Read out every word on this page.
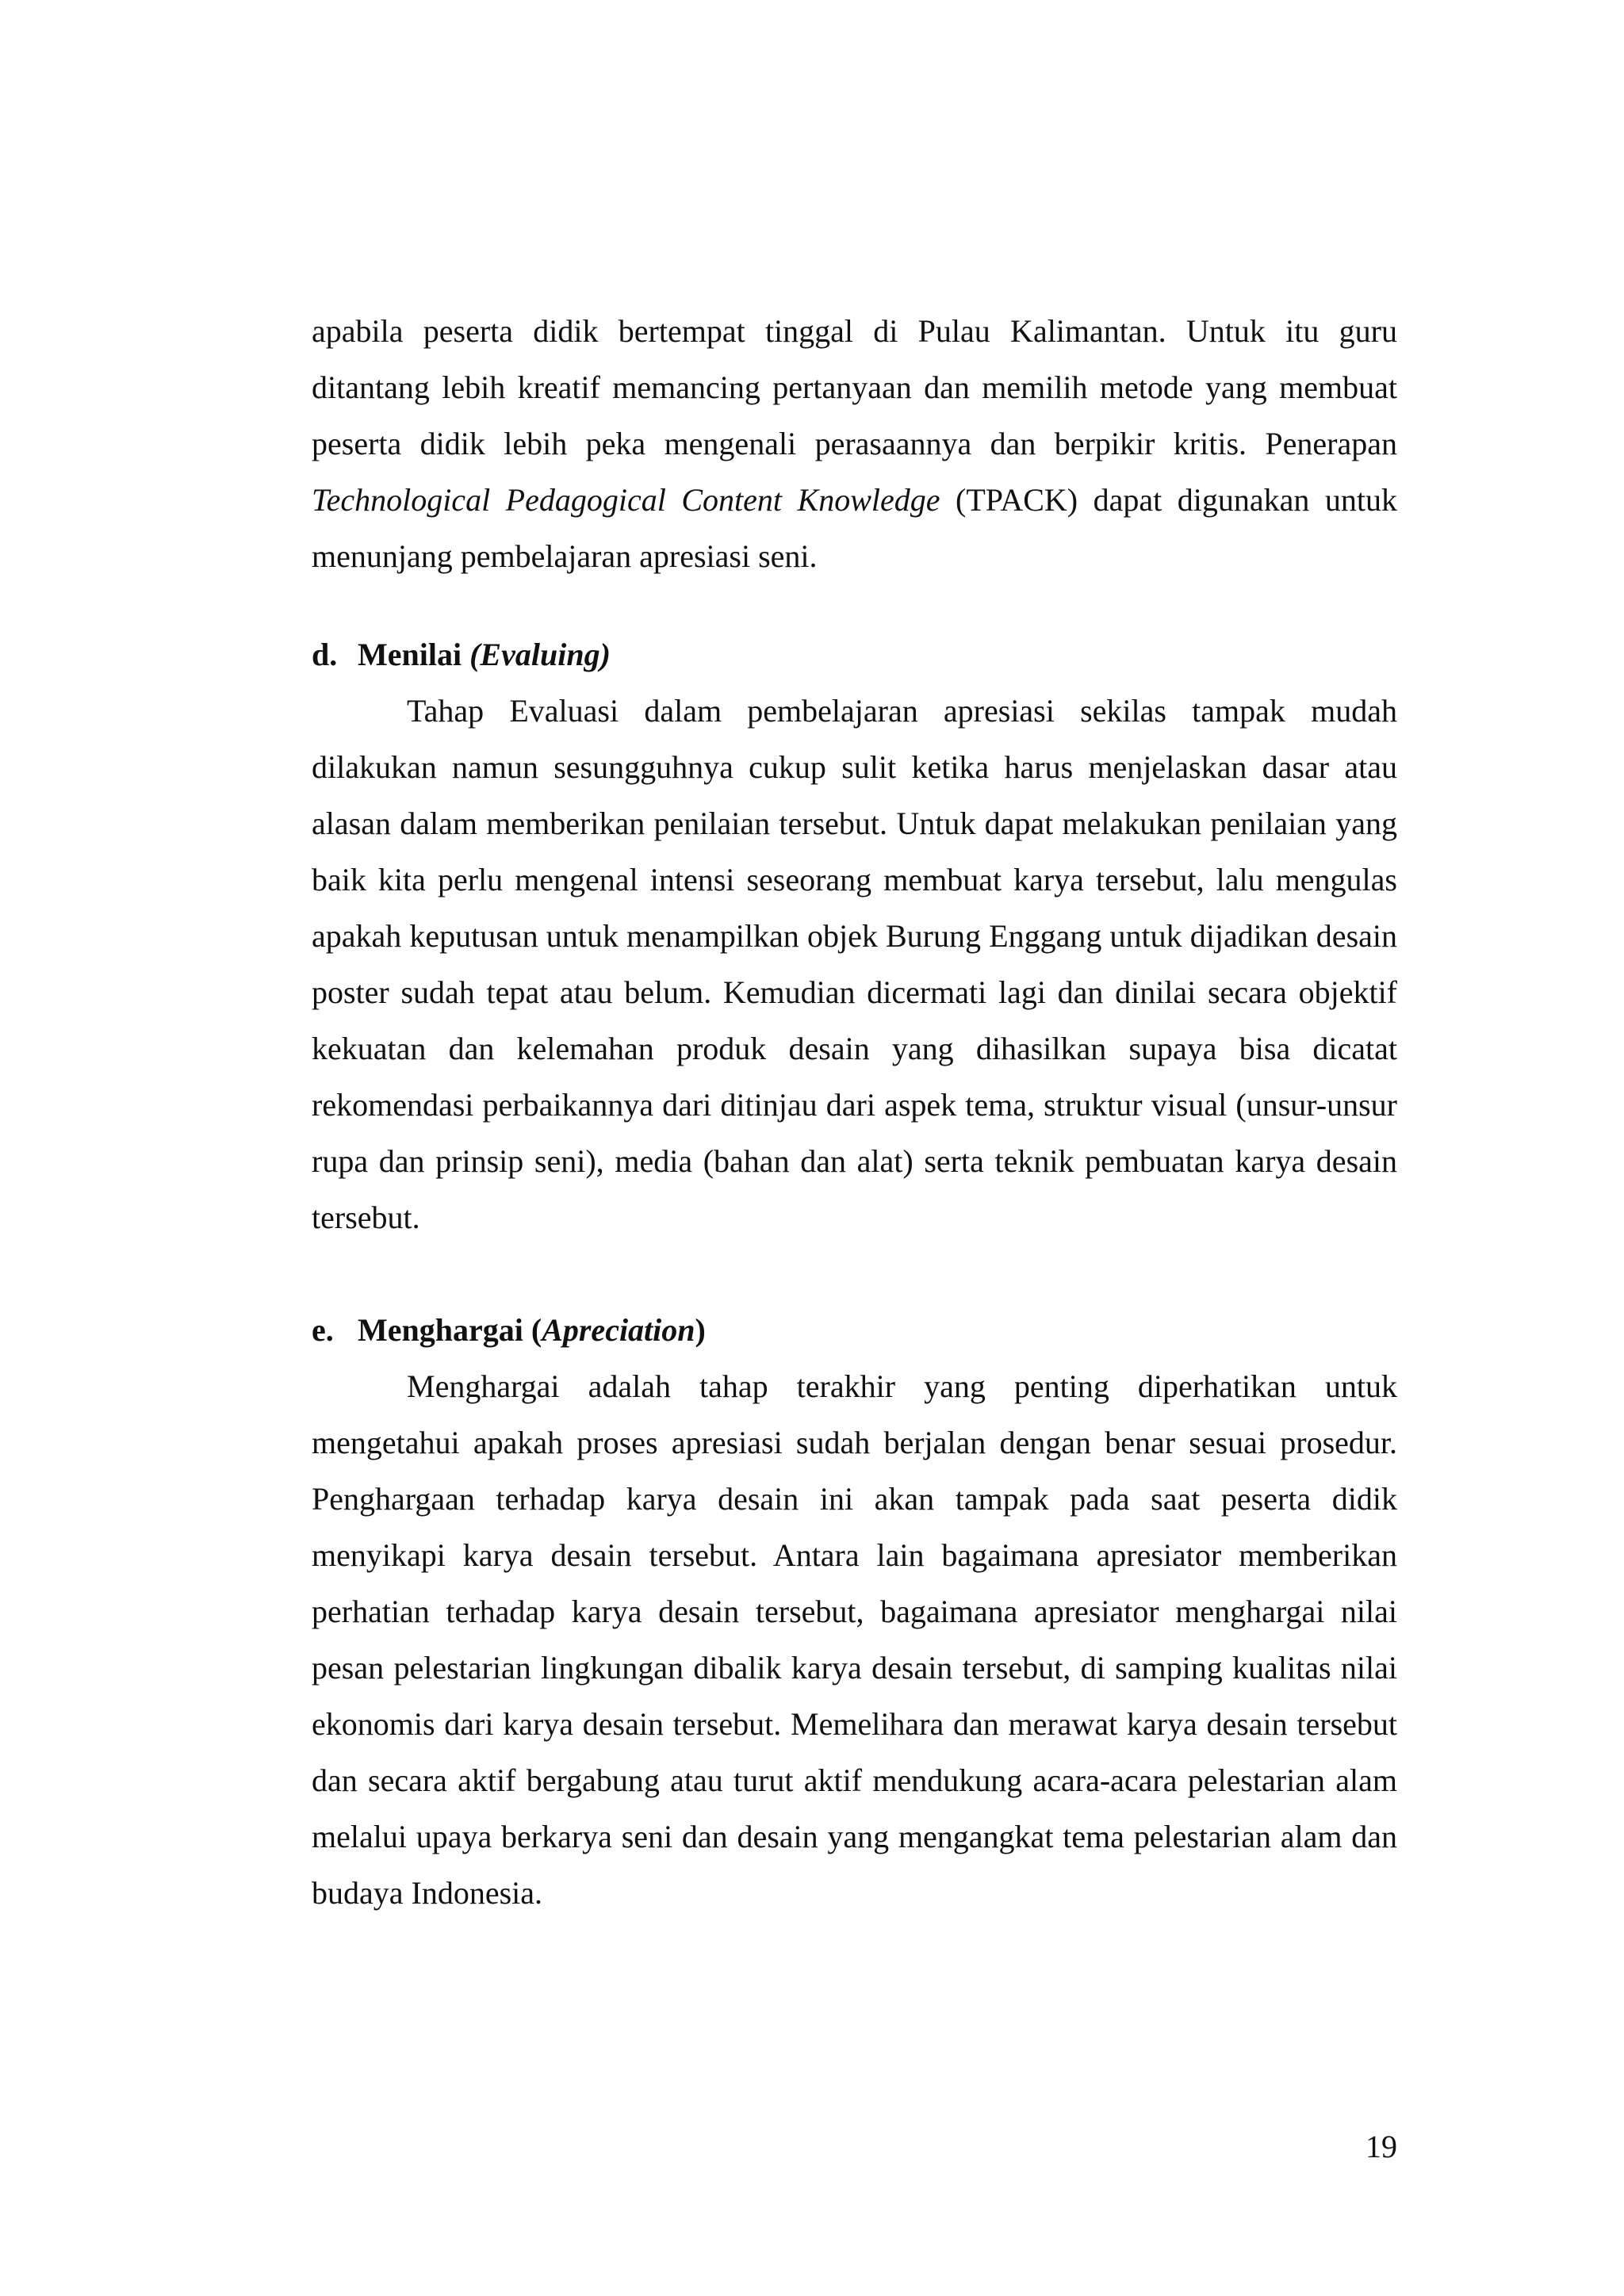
apabila peserta didik bertempat tinggal di Pulau Kalimantan. Untuk itu guru ditantang lebih kreatif memancing pertanyaan dan memilih metode yang membuat peserta didik lebih peka mengenali perasaannya dan berpikir kritis. Penerapan Technological Pedagogical Content Knowledge (TPACK) dapat digunakan untuk menunjang pembelajaran apresiasi seni.

d. Menilai (Evaluing)

Tahap Evaluasi dalam pembelajaran apresiasi sekilas tampak mudah dilakukan namun sesungguhnya cukup sulit ketika harus menjelaskan dasar atau alasan dalam memberikan penilaian tersebut. Untuk dapat melakukan penilaian yang baik kita perlu mengenal intensi seseorang membuat karya tersebut, lalu mengulas apakah keputusan untuk menampilkan objek Burung Enggang untuk dijadikan desain poster sudah tepat atau belum. Kemudian dicermati lagi dan dinilai secara objektif kekuatan dan kelemahan produk desain yang dihasilkan supaya bisa dicatat rekomendasi perbaikannya dari ditinjau dari aspek tema, struktur visual (unsur-unsur rupa dan prinsip seni), media (bahan dan alat) serta teknik pembuatan karya desain tersebut.

e. Menghargai (Apreciation)

Menghargai adalah tahap terakhir yang penting diperhatikan untuk mengetahui apakah proses apresiasi sudah berjalan dengan benar sesuai prosedur. Penghargaan terhadap karya desain ini akan tampak pada saat peserta didik menyikapi karya desain tersebut. Antara lain bagaimana apresiator memberikan perhatian terhadap karya desain tersebut, bagaimana apresiator menghargai nilai pesan pelestarian lingkungan dibalik karya desain tersebut, di samping kualitas nilai ekonomis dari karya desain tersebut. Memelihara dan merawat karya desain tersebut dan secara aktif bergabung atau turut aktif mendukung acara-acara pelestarian alam melalui upaya berkarya seni dan desain yang mengangkat tema pelestarian alam dan budaya Indonesia.

19
